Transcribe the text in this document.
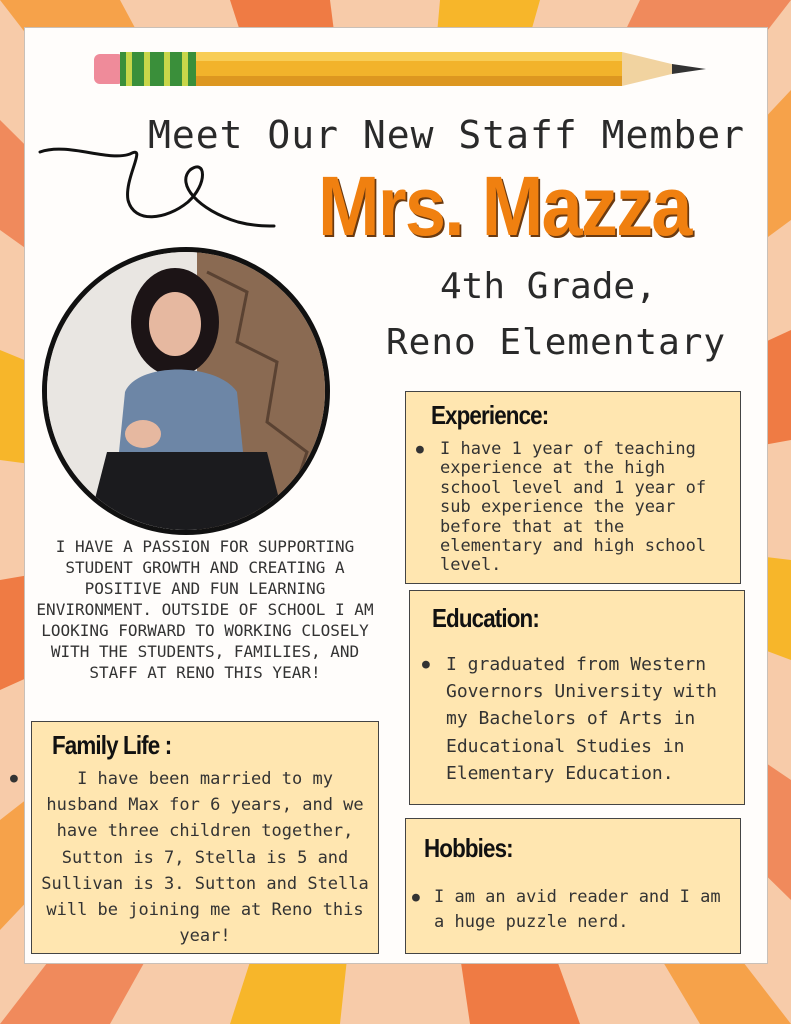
Meet Our New Staff Member
Mrs. Mazza
4th Grade,
Reno Elementary
I HAVE A PASSION FOR SUPPORTING STUDENT GROWTH AND CREATING A POSITIVE AND FUN LEARNING ENVIRONMENT. OUTSIDE OF SCHOOL I AM LOOKING FORWARD TO WORKING CLOSELY WITH THE STUDENTS, FAMILIES, AND STAFF AT RENO THIS YEAR!
Experience:
● I have 1 year of teaching experience at the high school level and 1 year of sub experience the year before that at the elementary and high school level.
Education:
● I graduated from Western Governors University with my Bachelors of Arts in Educational Studies in Elementary Education.
Hobbies:
● I am an avid reader and I am a huge puzzle nerd.
Family Life :
●	I have been married to my husband Max for 6 years, and we have three children together, Sutton is 7, Stella is 5 and Sullivan is 3. Sutton and Stella will be joining me at Reno this year!
